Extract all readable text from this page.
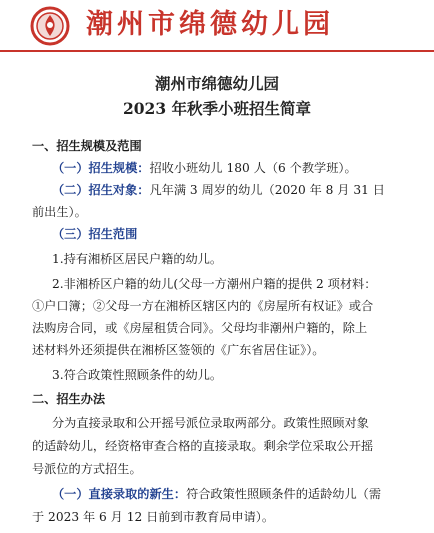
潮州市绵德幼儿园
潮州市绵德幼儿园
2023 年秋季小班招生简章
一、招生规模及范围
（一）招生规模：招收小班幼儿 180 人（6 个教学班）。
（二）招生对象：凡年满 3 周岁的幼儿（2020 年 8 月 31 日
前出生）。
（三）招生范围
1.持有湘桥区居民户籍的幼儿。
2.非湘桥区户籍的幼儿(父母一方潮州户籍的提供 2 项材料：
①户口簿；②父母一方在湘桥区辖区内的《房屋所有权证》或合
法购房合同，或《房屋租赁合同》。父母均非潮州户籍的，除上
述材料外还须提供在湘桥区签领的《广东省居住证》）。
3.符合政策性照顾条件的幼儿。
二、招生办法
分为直接录取和公开摇号派位录取两部分。政策性照顾对象
的适龄幼儿，经资格审查合格的直接录取。剩余学位采取公开摇
号派位的方式招生。
（一）直接录取的新生：符合政策性照顾条件的适龄幼儿（需
于 2023 年 6 月 12 日前到市教育局申请）。
